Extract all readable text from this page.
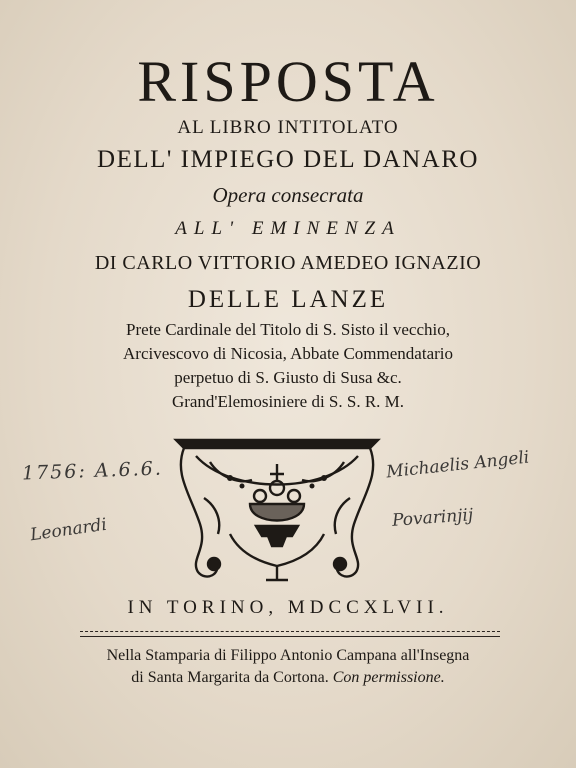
RISPOSTA
AL LIBRO INTITOLATO
DELL' IMPIEGO DEL DANARO
Opera consecrata
ALL' EMINENZA
DI CARLO VITTORIO AMEDEO IGNAZIO
DELLE LANZE
Prete Cardinale del Titolo di S. Sisto il vecchio,
Arcivescovo di Nicosia, Abbate Commendatario
perpetuo di S. Giusto di Susa &c.
Grand'Elemosiniere di S. S. R. M.
1756: A.6.6.
Leonardi
Michaelis Angeli
Povarinjij
IN TORINO, MDCCXLVII.
Nella Stamparia di Filippo Antonio Campana all'Insegna
di Santa Margarita da Cortona. Con permissione.
